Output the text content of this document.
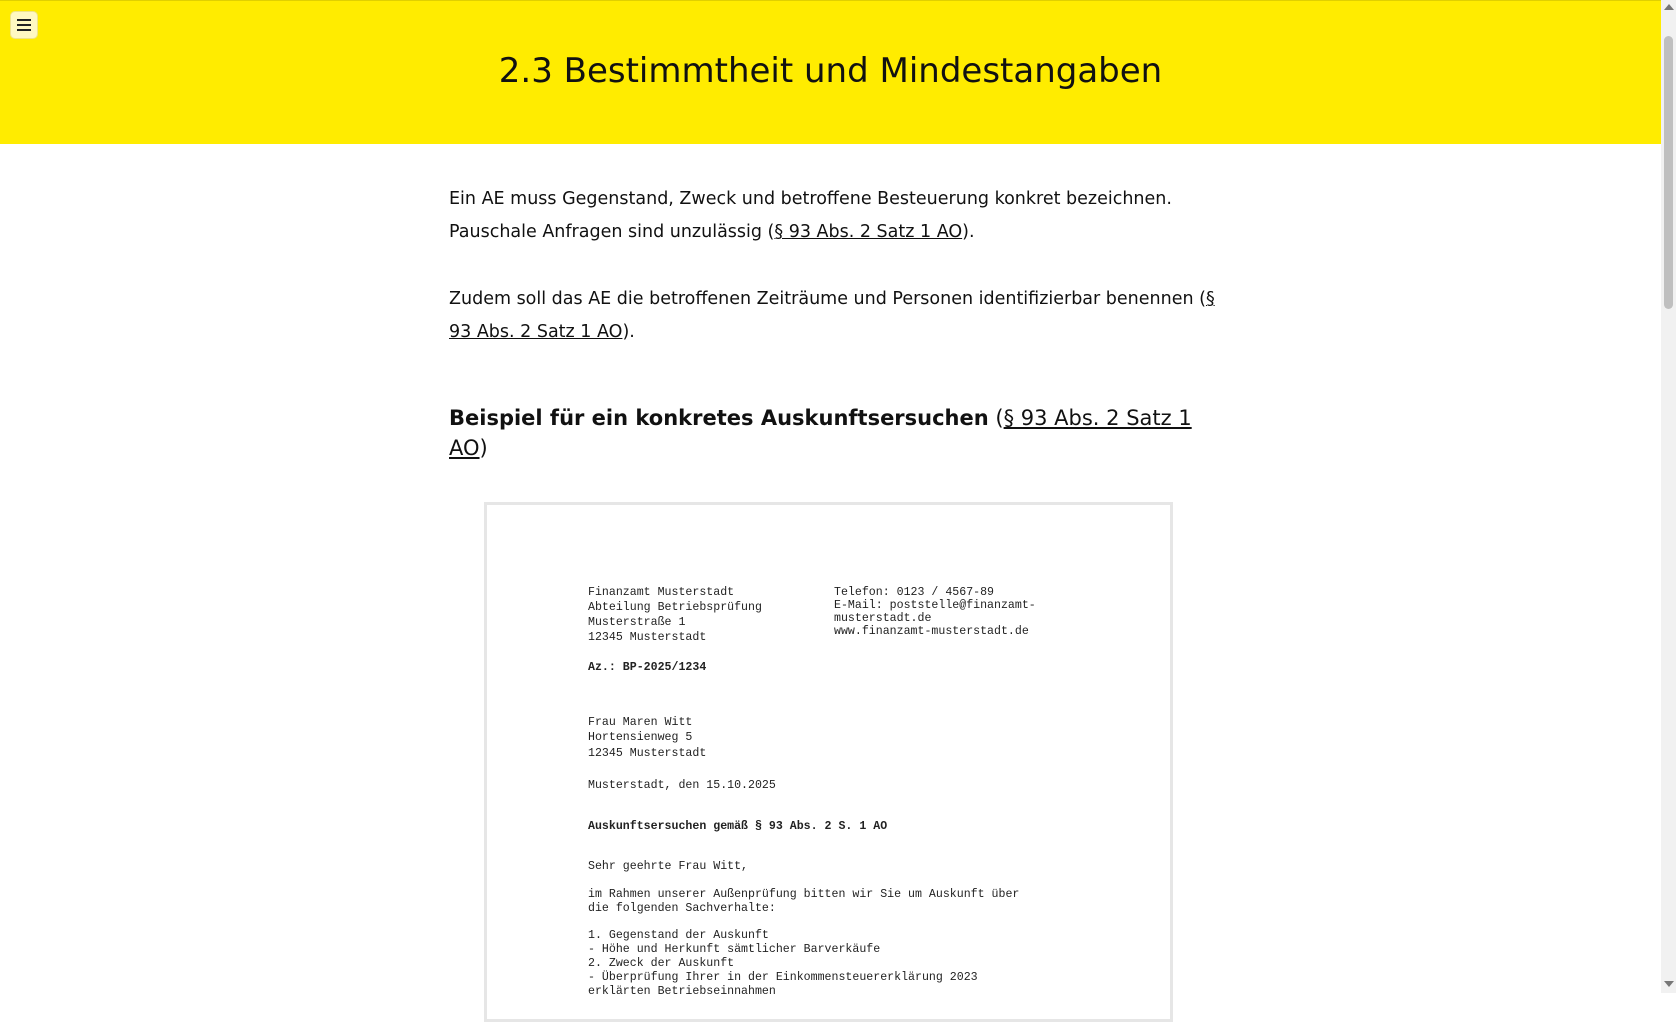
2.3 Bestimmtheit und Mindestangaben

Ein AE muss Gegenstand, Zweck und betroffene Besteuerung konkret bezeichnen. Pauschale Anfragen sind unzulässig (§ 93 Abs. 2 Satz 1 AO).

Zudem soll das AE die betroffenen Zeiträume und Personen identifizierbar benennen (§ 93 Abs. 2 Satz 1 AO).

Beispiel für ein konkretes Auskunftsersuchen (§ 93 Abs. 2 Satz 1 AO)
Finanzamt Musterstadt
Abteilung Betriebsprüfung
Musterstraße 1
12345 Musterstadt
Telefon: 0123 / 4567-89
E-Mail: poststelle@finanzamt-
musterstadt.de
www.finanzamt-musterstadt.de
Az.: BP-2025/1234
Frau Maren Witt
Hortensienweg 5
12345 Musterstadt
Musterstadt, den 15.10.2025
Auskunftsersuchen gemäß § 93 Abs. 2 S. 1 AO
Sehr geehrte Frau Witt,
im Rahmen unserer Außenprüfung bitten wir Sie um Auskunft über
die folgenden Sachverhalte:
1. Gegenstand der Auskunft
- Höhe und Herkunft sämtlicher Barverkäufe
2. Zweck der Auskunft
- Überprüfung Ihrer in der Einkommensteuererklärung 2023
erklärten Betriebseinnahmen
